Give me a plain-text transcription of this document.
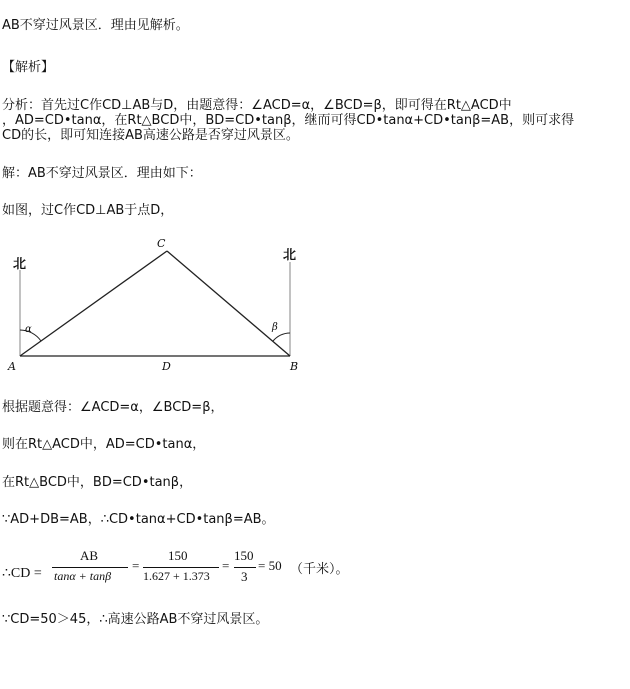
AB不穿过风景区．理由见解析。
【解析】
分析：首先过C作CD⊥AB与D，由题意得：∠ACD=α，∠BCD=β，即可得在Rt△ACD中
，AD=CD•tanα，在Rt△BCD中，BD=CD•tanβ，继而可得CD•tanα+CD•tanβ=AB，则可求得
CD的长，即可知连接AB高速公路是否穿过风景区。
解：AB不穿过风景区．理由如下：
如图，过C作CD⊥AB于点D，
北
北
C
A	B
D
α	β
根据题意得：∠ACD=α，∠BCD=β，
则在Rt△ACD中，AD=CD•tanα，
在Rt△BCD中，BD=CD•tanβ，
∵AD+DB=AB，∴CD•tanα+CD•tanβ=AB。
∴CD =
AB
tanα + tanβ
=
150
1.627 + 1.373
=
150
3
= 50 （千米）。
∵CD=50＞45，∴高速公路AB不穿过风景区。
